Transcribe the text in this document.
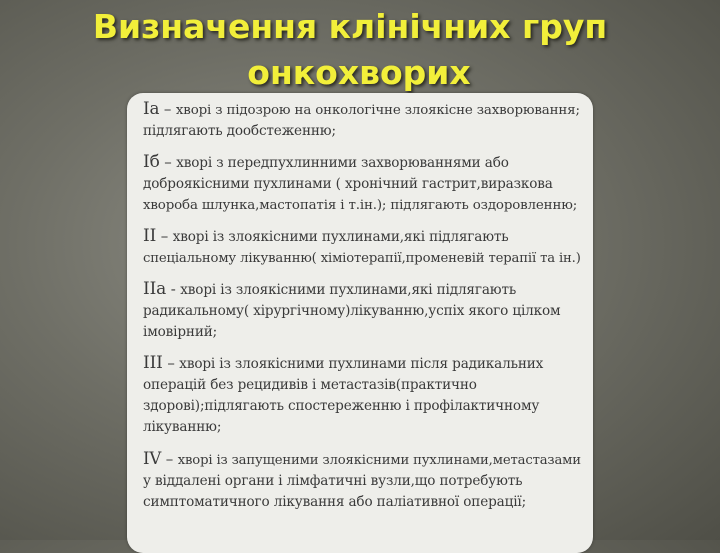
Визначення клінічних груп
онкохворих
Іа – хворі з підозрою на онкологічне злоякісне захворювання;
підлягають дообстеженню;
Іб – хворі з передпухлинними захворюваннями або
доброякісними пухлинами ( хронічний гастрит,виразкова
хвороба шлунка,мастопатія і т.ін.); підлягають оздоровленню;
ІІ – хворі із злоякісними пухлинами,які підлягають
спеціальному лікуванню( хіміотерапії,променевій терапії та ін.)
ІІа - хворі із злоякісними пухлинами,які підлягають
радикальному( хірургічному)лікуванню,успіх якого цілком
імовірний;
ІІІ – хворі із злоякісними пухлинами після радикальних
операцій без рецидивів і метастазів(практично
здорові);підлягають спостереженню і профілактичному
лікуванню;
ІV – хворі із запущеними злоякісними пухлинами,метастазами
у віддалені органи і лімфатичні вузли,що потребують
симптоматичного лікування або паліативної операції;
